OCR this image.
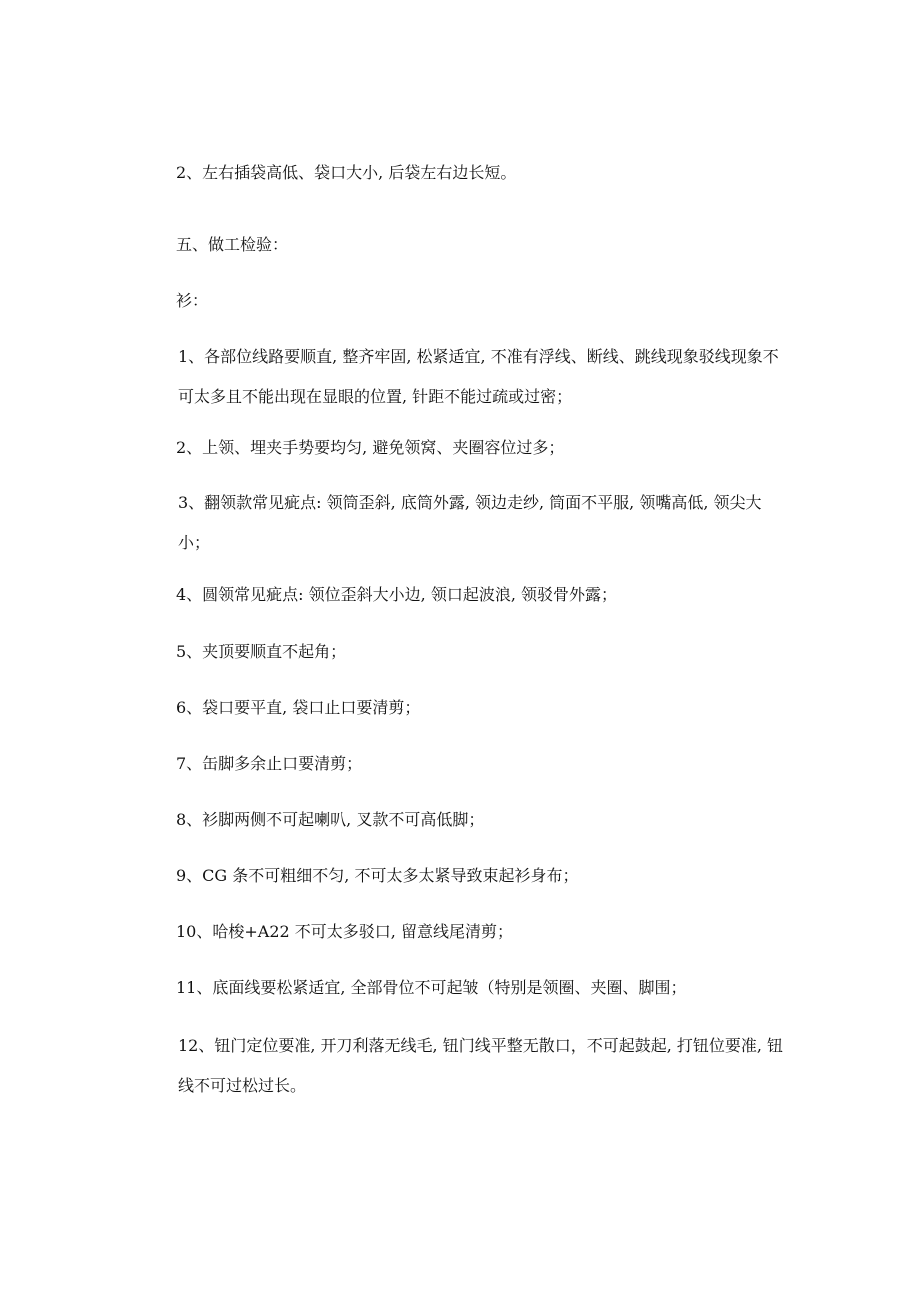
2、左右插袋高低、袋口大小, 后袋左右边长短。
五、做工检验：
衫：
1、各部位线路要顺直, 整齐牢固, 松紧适宜, 不准有浮线、断线、跳线现象驳线现象不可太多且不能出现在显眼的位置, 针距不能过疏或过密；
2、上领、埋夹手势要均匀, 避免领窝、夹圈容位过多；
3、翻领款常见疵点: 领筒歪斜, 底筒外露, 领边走纱, 筒面不平服, 领嘴高低, 领尖大小；
4、圆领常见疵点: 领位歪斜大小边, 领口起波浪, 领驳骨外露；
5、夹顶要顺直不起角；
6、袋口要平直, 袋口止口要清剪；
7、缶脚多余止口要清剪；
8、衫脚两侧不可起喇叭, 叉款不可高低脚；
9、CG 条不可粗细不匀, 不可太多太紧导致束起衫身布；
10、哈梭+A22 不可太多驳口, 留意线尾清剪；
11、底面线要松紧适宜, 全部骨位不可起皱（特别是领圈、夹圈、脚围；
12、钮门定位要准, 开刀利落无线毛, 钮门线平整无散口，不可起鼓起, 打钮位要准, 钮线不可过松过长。
